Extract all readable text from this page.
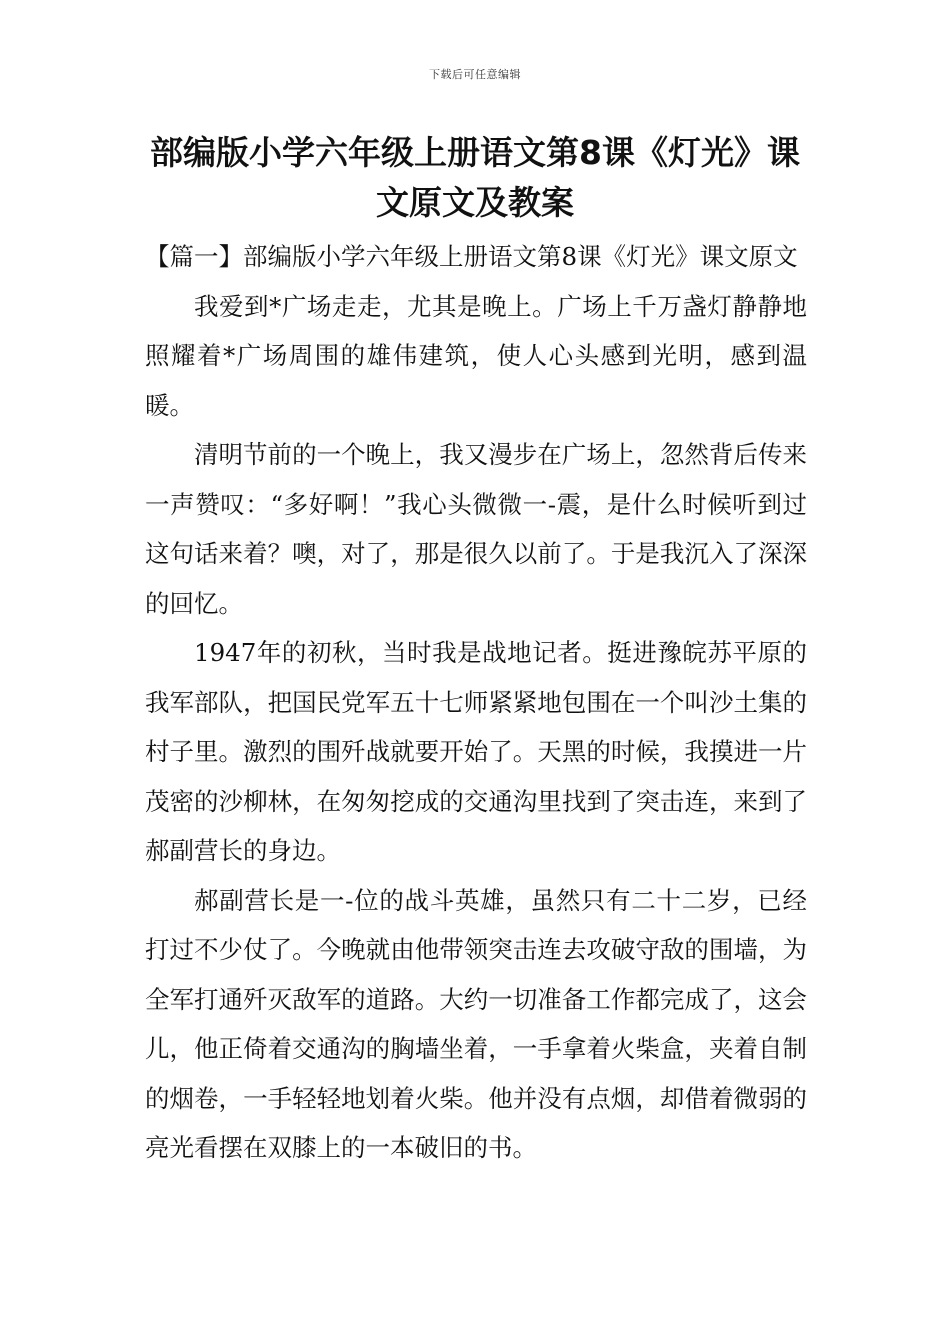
下载后可任意编辑
部编版小学六年级上册语文第8课《灯光》课文原文及教案

【篇一】部编版小学六年级上册语文第8课《灯光》课文原文

我爱到*广场走走，尤其是晚上。广场上千万盏灯静静地照耀着*广场周围的雄伟建筑，使人心头感到光明，感到温暖。

清明节前的一个晚上，我又漫步在广场上，忽然背后传来一声赞叹：“多好啊！”我心头微微一-震，是什么时候听到过这句话来着？噢，对了，那是很久以前了。于是我沉入了深深的回忆。

1947年的初秋，当时我是战地记者。挺进豫皖苏平原的我军部队，把国民党军五十七师紧紧地包围在一个叫沙土集的村子里。激烈的围歼战就要开始了。天黑的时候，我摸进一片茂密的沙柳林，在匆匆挖成的交通沟里找到了突击连，来到了郝副营长的身边。

郝副营长是一-位的战斗英雄，虽然只有二十二岁，已经打过不少仗了。今晚就由他带领突击连去攻破守敌的围墙，为全军打通歼灭敌军的道路。大约一切准备工作都完成了，这会儿，他正倚着交通沟的胸墙坐着，一手拿着火柴盒，夹着自制的烟卷，一手轻轻地划着火柴。他并没有点烟，却借着微弱的亮光看摆在双膝上的一本破旧的书。
